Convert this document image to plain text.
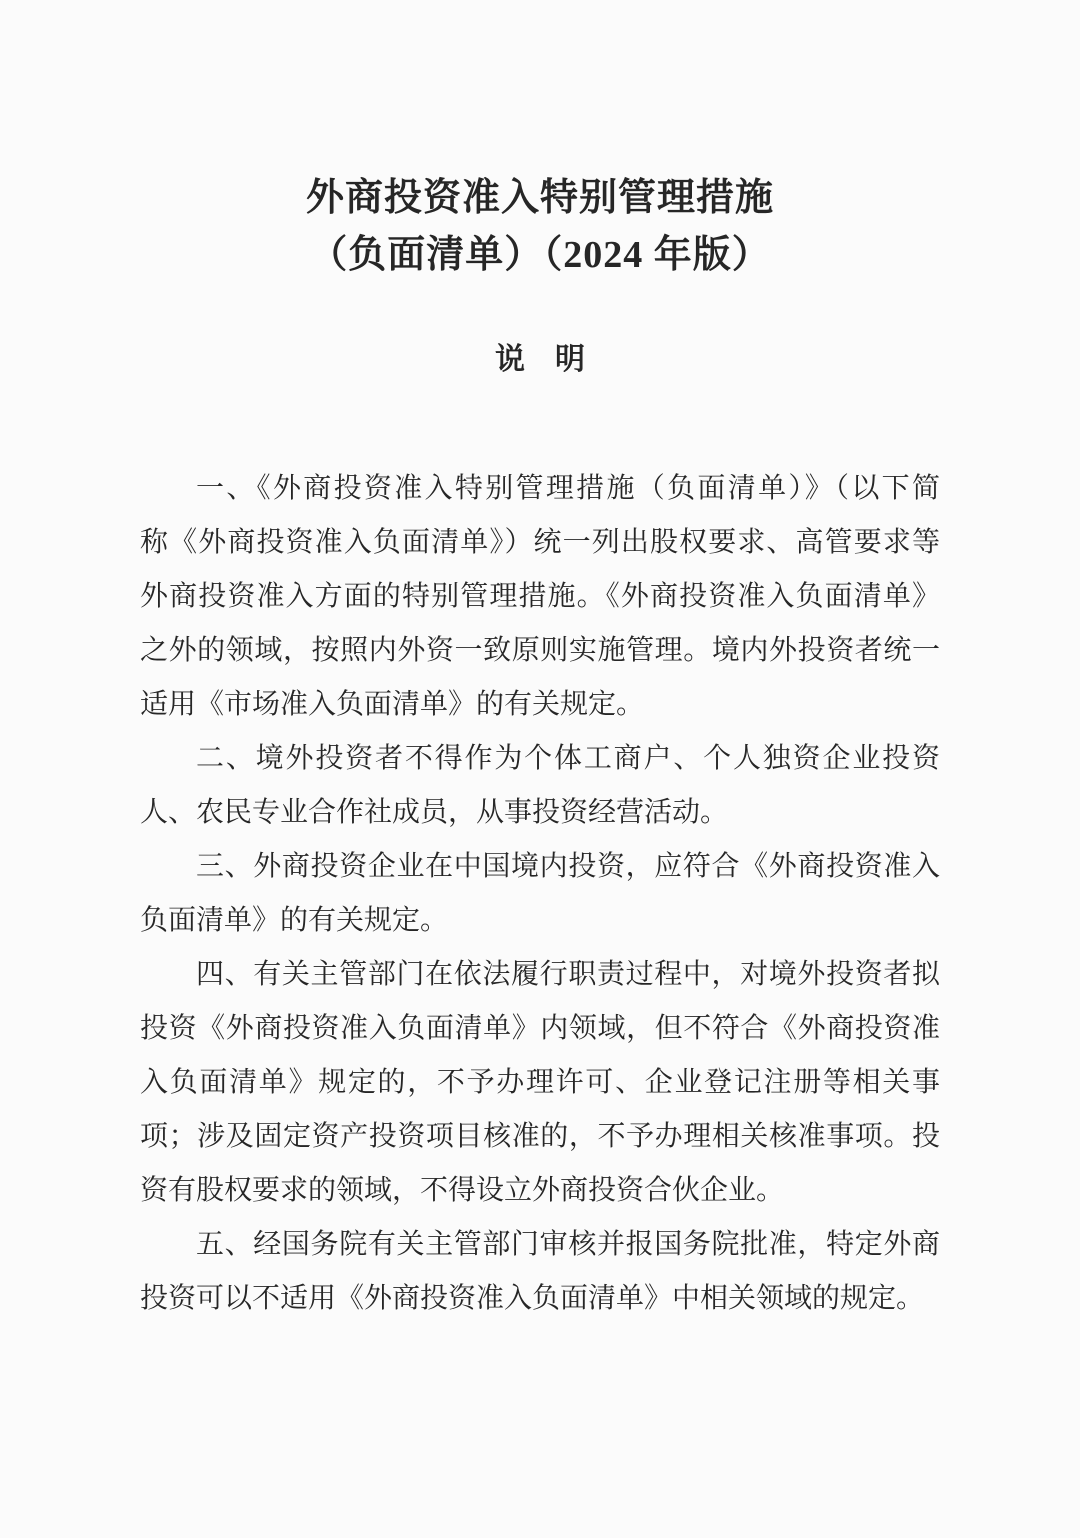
外商投资准入特别管理措施
（负面清单）（2024 年版）
说　明
一、《外商投资准入特别管理措施（负面清单）》（以下简
称《外商投资准入负面清单》）统一列出股权要求、高管要求等
外商投资准入方面的特别管理措施。《外商投资准入负面清单》
之外的领域，按照内外资一致原则实施管理。境内外投资者统一
适用《市场准入负面清单》的有关规定。
二、境外投资者不得作为个体工商户、个人独资企业投资
人、农民专业合作社成员，从事投资经营活动。
三、外商投资企业在中国境内投资，应符合《外商投资准入
负面清单》的有关规定。
四、有关主管部门在依法履行职责过程中，对境外投资者拟
投资《外商投资准入负面清单》内领域，但不符合《外商投资准
入负面清单》规定的，不予办理许可、企业登记注册等相关事
项；涉及固定资产投资项目核准的，不予办理相关核准事项。投
资有股权要求的领域，不得设立外商投资合伙企业。
五、经国务院有关主管部门审核并报国务院批准，特定外商
投资可以不适用《外商投资准入负面清单》中相关领域的规定。
